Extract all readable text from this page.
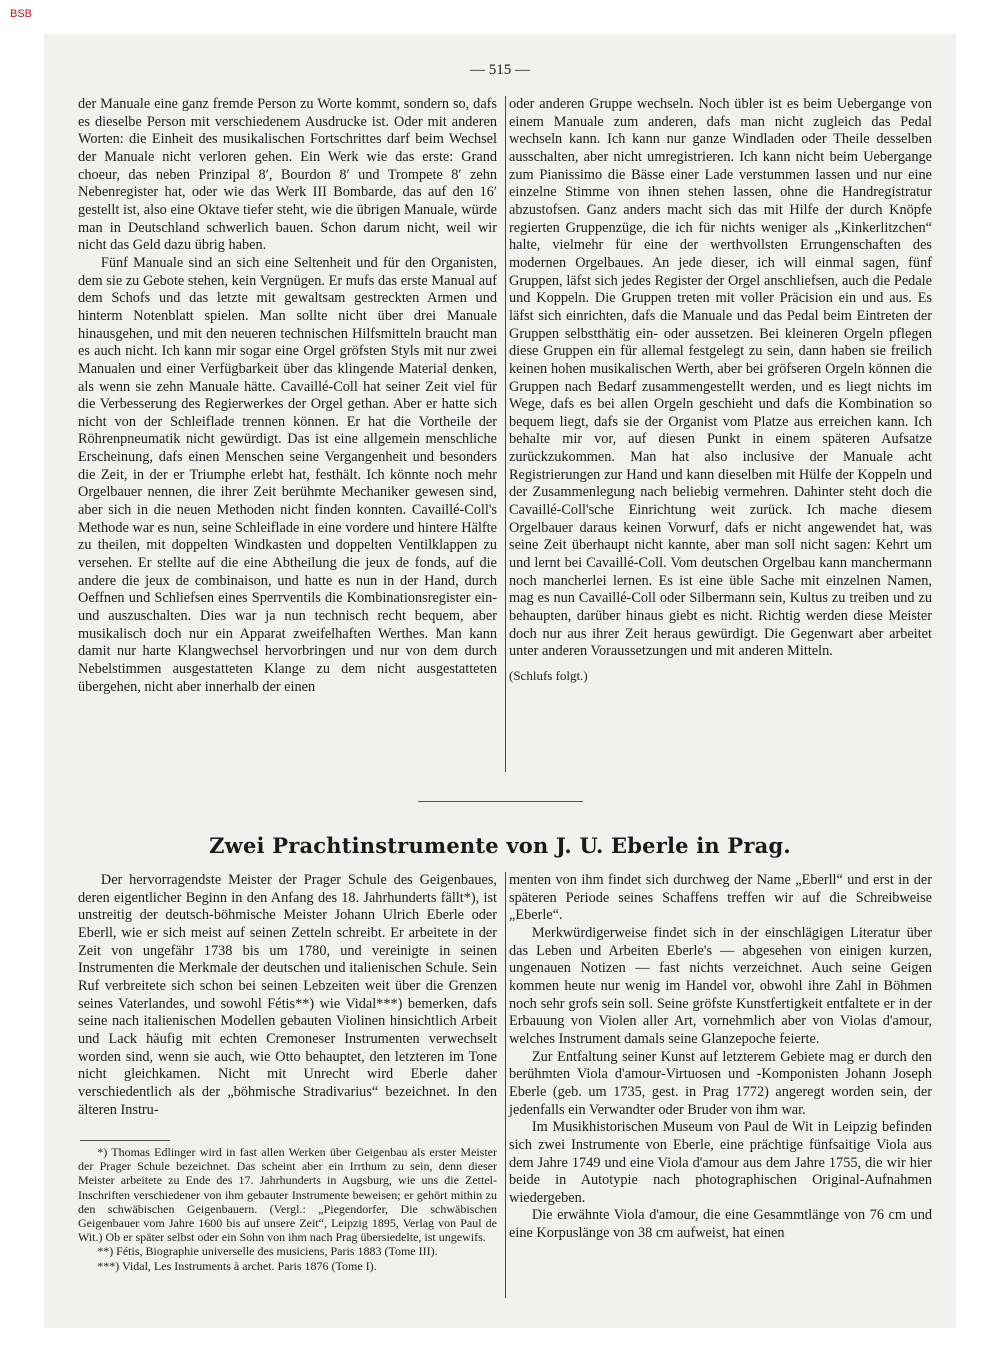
BSB
— 515 —

der Manuale eine ganz fremde Person zu Worte kommt, sondern so, dafs es dieselbe Person mit verschiedenem Ausdrucke ist. Oder mit anderen Worten: die Einheit des musikalischen Fortschrittes darf beim Wechsel der Manuale nicht verloren gehen. Ein Werk wie das erste: Grand choeur, das neben Prinzipal 8′, Bourdon 8′ und Trompete 8′ zehn Nebenregister hat, oder wie das Werk III Bombarde, das auf den 16′ gestellt ist, also eine Oktave tiefer steht, wie die übrigen Manuale, würde man in Deutschland schwerlich bauen. Schon darum nicht, weil wir nicht das Geld dazu übrig haben.

Fünf Manuale sind an sich eine Seltenheit und für den Organisten, dem sie zu Gebote stehen, kein Vergnügen. Er mufs das erste Manual auf dem Schofs und das letzte mit gewaltsam gestreckten Armen und hinterm Notenblatt spielen. Man sollte nicht über drei Manuale hinausgehen, und mit den neueren technischen Hilfsmitteln braucht man es auch nicht. Ich kann mir sogar eine Orgel gröfsten Styls mit nur zwei Manualen und einer Verfügbarkeit über das klingende Material denken, als wenn sie zehn Manuale hätte. Cavaillé-Coll hat seiner Zeit viel für die Verbesserung des Regierwerkes der Orgel gethan. Aber er hatte sich nicht von der Schleiflade trennen können. Er hat die Vortheile der Röhrenpneumatik nicht gewürdigt. Das ist eine allgemein menschliche Erscheinung, dafs einen Menschen seine Vergangenheit und besonders die Zeit, in der er Triumphe erlebt hat, festhält. Ich könnte noch mehr Orgelbauer nennen, die ihrer Zeit berühmte Mechaniker gewesen sind, aber sich in die neuen Methoden nicht finden konnten. Cavaillé-Coll's Methode war es nun, seine Schleiflade in eine vordere und hintere Hälfte zu theilen, mit doppelten Windkasten und doppelten Ventilklappen zu versehen. Er stellte auf die eine Abtheilung die jeux de fonds, auf die andere die jeux de combinaison, und hatte es nun in der Hand, durch Oeffnen und Schliefsen eines Sperrventils die Kombinationsregister ein- und auszuschalten. Dies war ja nun technisch recht bequem, aber musikalisch doch nur ein Apparat zweifelhaften Werthes. Man kann damit nur harte Klangwechsel hervorbringen und nur von dem durch Nebelstimmen ausgestatteten Klange zu dem nicht ausgestatteten übergehen, nicht aber innerhalb der einen

oder anderen Gruppe wechseln. Noch übler ist es beim Uebergange von einem Manuale zum anderen, dafs man nicht zugleich das Pedal wechseln kann. Ich kann nur ganze Windladen oder Theile desselben ausschalten, aber nicht umregistrieren. Ich kann nicht beim Uebergange zum Pianissimo die Bässe einer Lade verstummen lassen und nur eine einzelne Stimme von ihnen stehen lassen, ohne die Handregistratur abzustofsen. Ganz anders macht sich das mit Hilfe der durch Knöpfe regierten Gruppenzüge, die ich für nichts weniger als „Kinkerlitzchen“ halte, vielmehr für eine der werthvollsten Errungenschaften des modernen Orgelbaues. An jede dieser, ich will einmal sagen, fünf Gruppen, läfst sich jedes Register der Orgel anschliefsen, auch die Pedale und Koppeln. Die Gruppen treten mit voller Präcision ein und aus. Es läfst sich einrichten, dafs die Manuale und das Pedal beim Eintreten der Gruppen selbstthätig ein- oder aussetzen. Bei kleineren Orgeln pflegen diese Gruppen ein für allemal festgelegt zu sein, dann haben sie freilich keinen hohen musikalischen Werth, aber bei gröfseren Orgeln können die Gruppen nach Bedarf zusammengestellt werden, und es liegt nichts im Wege, dafs es bei allen Orgeln geschieht und dafs die Kombination so bequem liegt, dafs sie der Organist vom Platze aus erreichen kann. Ich behalte mir vor, auf diesen Punkt in einem späteren Aufsatze zurückzukommen. Man hat also inclusive der Manuale acht Registrierungen zur Hand und kann dieselben mit Hülfe der Koppeln und der Zusammenlegung nach beliebig vermehren. Dahinter steht doch die Cavaillé-Coll'sche Einrichtung weit zurück. Ich mache diesem Orgelbauer daraus keinen Vorwurf, dafs er nicht angewendet hat, was seine Zeit überhaupt nicht kannte, aber man soll nicht sagen: Kehrt um und lernt bei Cavaillé-Coll. Vom deutschen Orgelbau kann manchermann noch mancherlei lernen. Es ist eine üble Sache mit einzelnen Namen, mag es nun Cavaillé-Coll oder Silbermann sein, Kultus zu treiben und zu behaupten, darüber hinaus giebt es nicht. Richtig werden diese Meister doch nur aus ihrer Zeit heraus gewürdigt. Die Gegenwart aber arbeitet unter anderen Voraussetzungen und mit anderen Mitteln.

(Schlufs folgt.)

Zwei Prachtinstrumente von J. U. Eberle in Prag.

Der hervorragendste Meister der Prager Schule des Geigenbaues, deren eigentlicher Beginn in den Anfang des 18. Jahrhunderts fällt*), ist unstreitig der deutsch-böhmische Meister Johann Ulrich Eberle oder Eberll, wie er sich meist auf seinen Zetteln schreibt. Er arbeitete in der Zeit von ungefähr 1738 bis um 1780, und vereinigte in seinen Instrumenten die Merkmale der deutschen und italienischen Schule. Sein Ruf verbreitete sich schon bei seinen Lebzeiten weit über die Grenzen seines Vaterlandes, und sowohl Fétis**) wie Vidal***) bemerken, dafs seine nach italienischen Modellen gebauten Violinen hinsichtlich Arbeit und Lack häufig mit echten Cremoneser Instrumenten verwechselt worden sind, wenn sie auch, wie Otto behauptet, den letzteren im Tone nicht gleichkamen. Nicht mit Unrecht wird Eberle daher verschiedentlich als der „böhmische Stradivarius“ bezeichnet. In den älteren Instru-

*) Thomas Edlinger wird in fast allen Werken über Geigenbau als erster Meister der Prager Schule bezeichnet. Das scheint aber ein Irrthum zu sein, denn dieser Meister arbeitete zu Ende des 17. Jahrhunderts in Augsburg, wie uns die Zettel-Inschriften verschiedener von ihm gebauter Instrumente beweisen; er gehört mithin zu den schwäbischen Geigenbauern. (Vergl.: „Piegendorfer, Die schwäbischen Geigenbauer vom Jahre 1600 bis auf unsere Zeit“, Leipzig 1895, Verlag von Paul de Wit.) Ob er später selbst oder ein Sohn von ihm nach Prag übersiedelte, ist ungewifs.

**) Fétis, Biographie universelle des musiciens, Paris 1883 (Tome III).

***) Vidal, Les Instruments à archet. Paris 1876 (Tome I).

menten von ihm findet sich durchweg der Name „Eberll“ und erst in der späteren Periode seines Schaffens treffen wir auf die Schreibweise „Eberle“.

Merkwürdigerweise findet sich in der einschlägigen Literatur über das Leben und Arbeiten Eberle's — abgesehen von einigen kurzen, ungenauen Notizen — fast nichts verzeichnet. Auch seine Geigen kommen heute nur wenig im Handel vor, obwohl ihre Zahl in Böhmen noch sehr grofs sein soll. Seine gröfste Kunstfertigkeit entfaltete er in der Erbauung von Violen aller Art, vornehmlich aber von Violas d'amour, welches Instrument damals seine Glanzepoche feierte.

Zur Entfaltung seiner Kunst auf letzterem Gebiete mag er durch den berühmten Viola d'amour-Virtuosen und -Komponisten Johann Joseph Eberle (geb. um 1735, gest. in Prag 1772) angeregt worden sein, der jedenfalls ein Verwandter oder Bruder von ihm war.

Im Musikhistorischen Museum von Paul de Wit in Leipzig befinden sich zwei Instrumente von Eberle, eine prächtige fünfsaitige Viola aus dem Jahre 1749 und eine Viola d'amour aus dem Jahre 1755, die wir hier beide in Autotypie nach photographischen Original-Aufnahmen wiedergeben.

Die erwähnte Viola d'amour, die eine Gesammtlänge von 76 cm und eine Korpuslänge von 38 cm aufweist, hat einen
